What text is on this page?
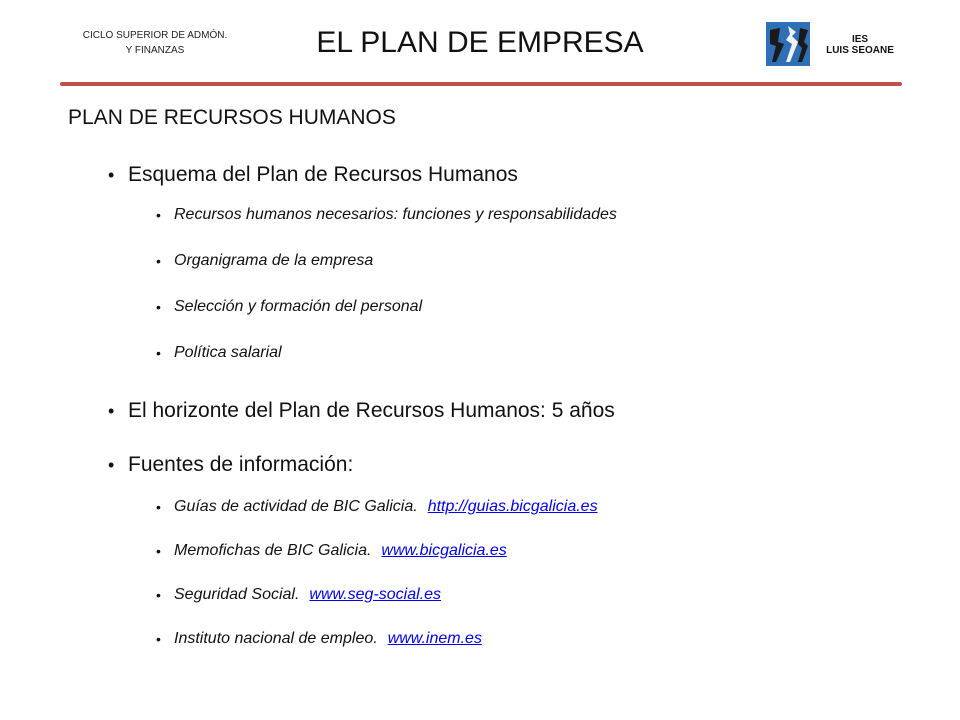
CICLO SUPERIOR DE ADMÓN.
Y FINANZAS	EL PLAN DE EMPRESA	IES
LUIS SEOANE
PLAN DE RECURSOS HUMANOS
• Esquema del Plan de Recursos Humanos
• Recursos humanos necesarios: funciones y responsabilidades
• Organigrama de la empresa
• Selección y formación del personal
• Política salarial
• El horizonte del Plan de Recursos Humanos: 5 años
• Fuentes de información:
• Guías de actividad de BIC Galicia. http://guias.bicgalicia.es
• Memofichas de BIC Galicia. www.bicgalicia.es
• Seguridad Social. www.seg-social.es
• Instituto nacional de empleo. www.inem.es
